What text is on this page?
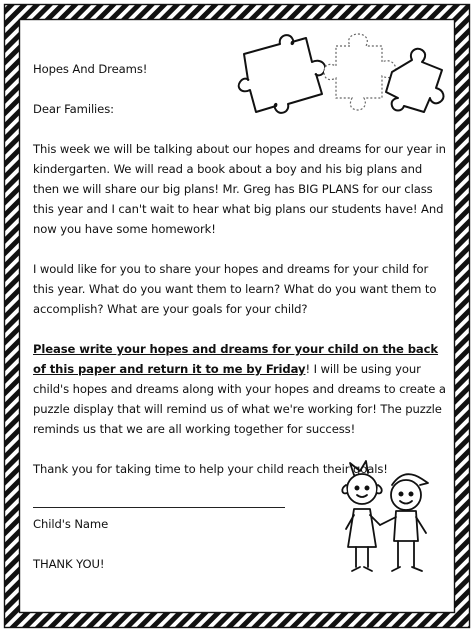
Hopes And Dreams!

Dear Families:

This week we will be talking about our hopes and dreams for our year in kindergarten. We will read a book about a boy and his big plans and then we will share our big plans! Mr. Greg has BIG PLANS for our class this year and I can't wait to hear what big plans our students have! And now you have some homework!

I would like for you to share your hopes and dreams for your child for this year. What do you want them to learn? What do you want them to accomplish? What are your goals for your child?

Please write your hopes and dreams for your child on the back of this paper and return it to me by Friday! I will be using your child's hopes and dreams along with your hopes and dreams to create a puzzle display that will remind us of what we're working for! The puzzle reminds us that we are all working together for success!

Thank you for taking time to help your child reach their goals!

Child's Name

THANK YOU!
